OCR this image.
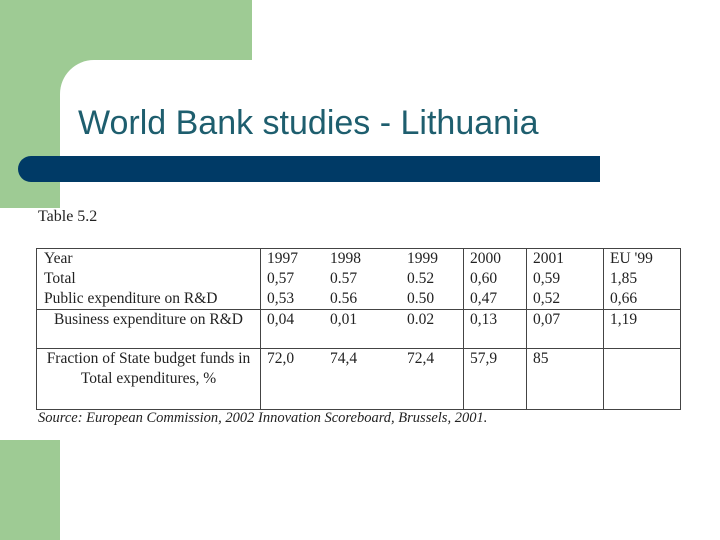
World Bank studies - Lithuania
Table 5.2
Year	1997	1998	1999	2000	2001	EU '99
Total	0,57	0.57	0.52	0,60	0,59	1,85
Public expenditure on R&D	0,53	0.56	0.50	0,47	0,52	0,66

Business expenditure on R&D	0,04	0,01	0.02	0,13	0,07	1,19
Fraction of State budget funds in Total expenditures, %	72,0	74,4	72,4	57,9	85	
Source: European Commission, 2002 Innovation Scoreboard, Brussels, 2001.
